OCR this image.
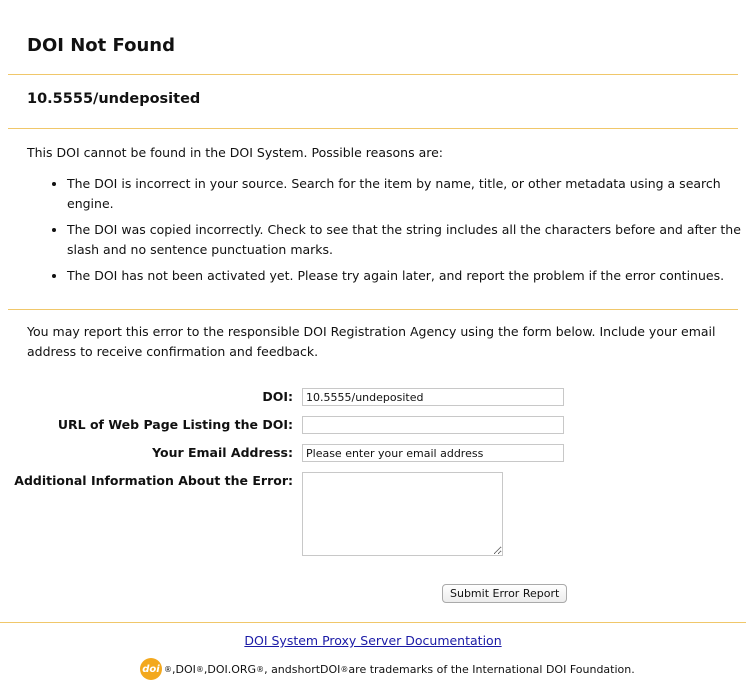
DOI Not Found
10.5555/undeposited

This DOI cannot be found in the DOI System. Possible reasons are:

• The DOI is incorrect in your source. Search for the item by name, title, or other metadata using a search engine.
• The DOI was copied incorrectly. Check to see that the string includes all the characters before and after the slash and no sentence punctuation marks.
• The DOI has not been activated yet. Please try again later, and report the problem if the error continues.

You may report this error to the responsible DOI Registration Agency using the form below. Include your email address to receive confirmation and feedback.

DOI:
10.5555/undeposited
URL of Web Page Listing the DOI:
Your Email Address:
Please enter your email address
Additional Information About the Error:
Submit Error Report
DOI System Proxy Server Documentation
doi ® , DOI ® , DOI.ORG ® , and shortDOI ® are trademarks of the International DOI Foundation.
